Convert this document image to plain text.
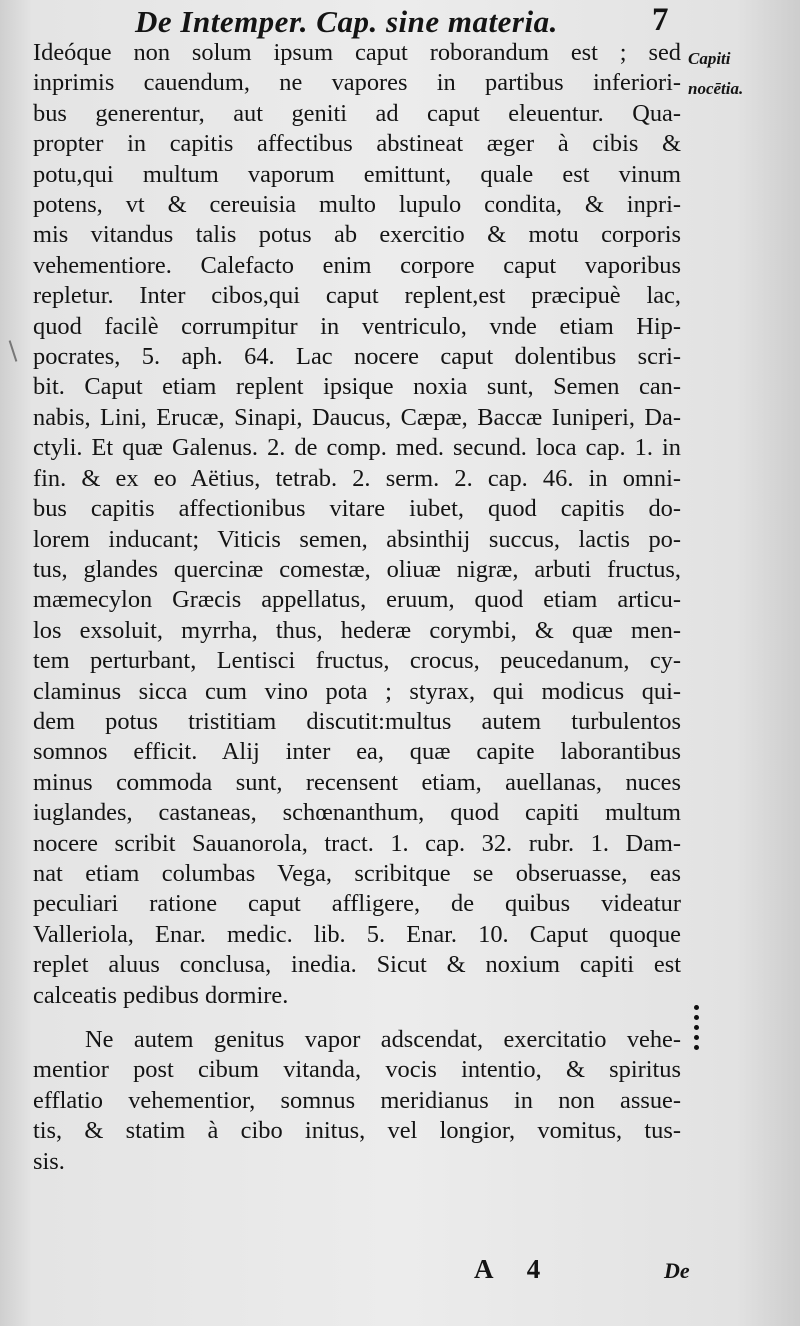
De Intemper. Cap. sine materia.	7
Capiti
nocētia.
Ideóque non solum ipsum caput roborandum est ; sed
inprimis cauendum, ne vapores in partibus inferiori-
bus generentur, aut geniti ad caput eleuentur. Qua-
propter in capitis affectibus abstineat æger à cibis &
potu,qui multum vaporum emittunt, quale est vinum
potens, vt & cereuisia multo lupulo condita, & inpri-
mis vitandus talis potus ab exercitio & motu corporis
vehementiore. Calefacto enim corpore caput vaporibus
repletur. Inter cibos,qui caput replent,est præcipuè lac,
quod facilè corrumpitur in ventriculo, vnde etiam Hip-
pocrates, 5. aph. 64. Lac nocere caput dolentibus scri-
bit. Caput etiam replent ipsique noxia sunt, Semen can-
nabis, Lini, Erucæ, Sinapi, Daucus, Cæpæ, Baccæ Iuniperi, Da-
ctyli. Et quæ Galenus. 2. de comp. med. secund. loca cap. 1. in
fin. & ex eo Aëtius, tetrab. 2. serm. 2. cap. 46. in omni-
bus capitis affectionibus vitare iubet, quod capitis do-
lorem inducant; Viticis semen, absinthij succus, lactis po-
tus, glandes quercinæ comestæ, oliuæ nigræ, arbuti fructus,
mæmecylon Græcis appellatus, eruum, quod etiam articu-
los exsoluit, myrrha, thus, hederæ corymbi, & quæ men-
tem perturbant, Lentisci fructus, crocus, peucedanum, cy-
claminus sicca cum vino pota ; styrax, qui modicus qui-
dem potus tristitiam discutit:multus autem turbulentos
somnos efficit. Alij inter ea, quæ capite laborantibus
minus commoda sunt, recensent etiam, auellanas, nuces
iuglandes, castaneas, schœnanthum, quod capiti multum
nocere scribit Sauanorola, tract. 1. cap. 32. rubr. 1. Dam-
nat etiam columbas Vega, scribitque se obseruasse, eas
peculiari ratione caput affligere, de quibus videatur
Valleriola, Enar. medic. lib. 5. Enar. 10. Caput quoque
replet aluus conclusa, inedia. Sicut & noxium capiti est
calceatis pedibus dormire.
Ne autem genitus vapor adscendat, exercitatio vehe-
mentior post cibum vitanda, vocis intentio, & spiritus
efflatio vehementior, somnus meridianus in non assue-
tis, & statim à cibo initus, vel longior, vomitus, tus-
sis.
A 4	De
